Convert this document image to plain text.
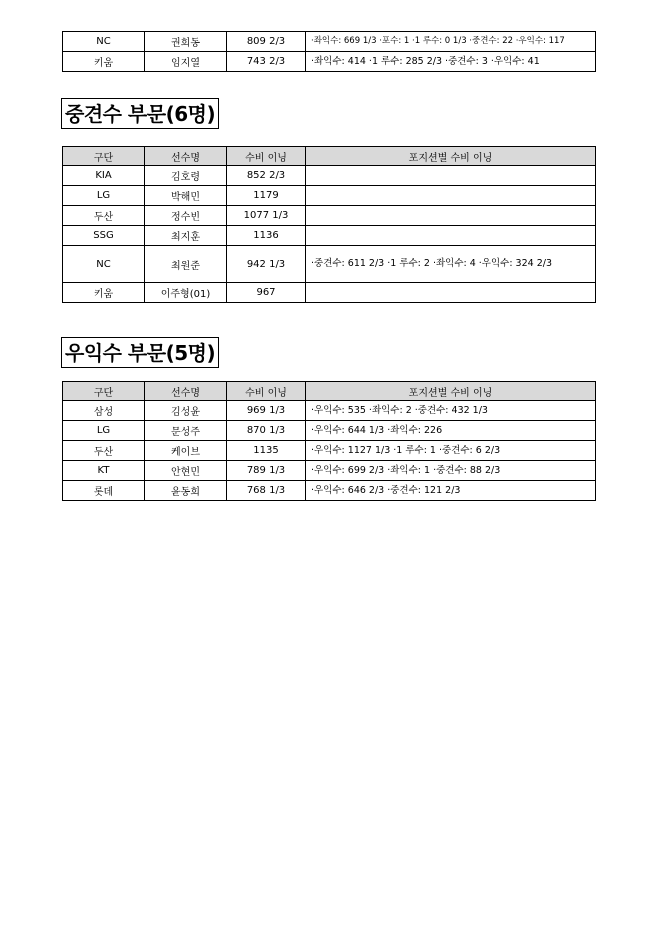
NC	권희동	809 2/3	·좌익수: 669 1/3 ·포수: 1 ·1 루수: 0 1/3 ·중견수: 22 ·우익수: 117
키움	임지열	743 2/3	·좌익수: 414 ·1 루수: 285 2/3 ·중견수: 3 ·우익수: 41
중견수 부문(6명)
구단	선수명	수비 이닝	포지션별 수비 이닝
KIA	김호령	852 2/3	
LG	박해민	1179	
두산	정수빈	1077 1/3	
SSG	최지훈	1136	
NC	최원준	942 1/3	·중견수: 611 2/3 ·1 루수: 2 ·좌익수: 4 ·우익수: 324 2/3
키움	이주형(01)	967	
우익수 부문(5명)
구단	선수명	수비 이닝	포지션별 수비 이닝
삼성	김성윤	969 1/3	·우익수: 535 ·좌익수: 2 ·중견수: 432 1/3
LG	문성주	870 1/3	·우익수: 644 1/3 ·좌익수: 226
두산	케이브	1135	·우익수: 1127 1/3 ·1 루수: 1 ·중견수: 6 2/3
KT	안현민	789 1/3	·우익수: 699 2/3 ·좌익수: 1 ·중견수: 88 2/3
롯데	윤동희	768 1/3	·우익수: 646 2/3 ·중견수: 121 2/3
